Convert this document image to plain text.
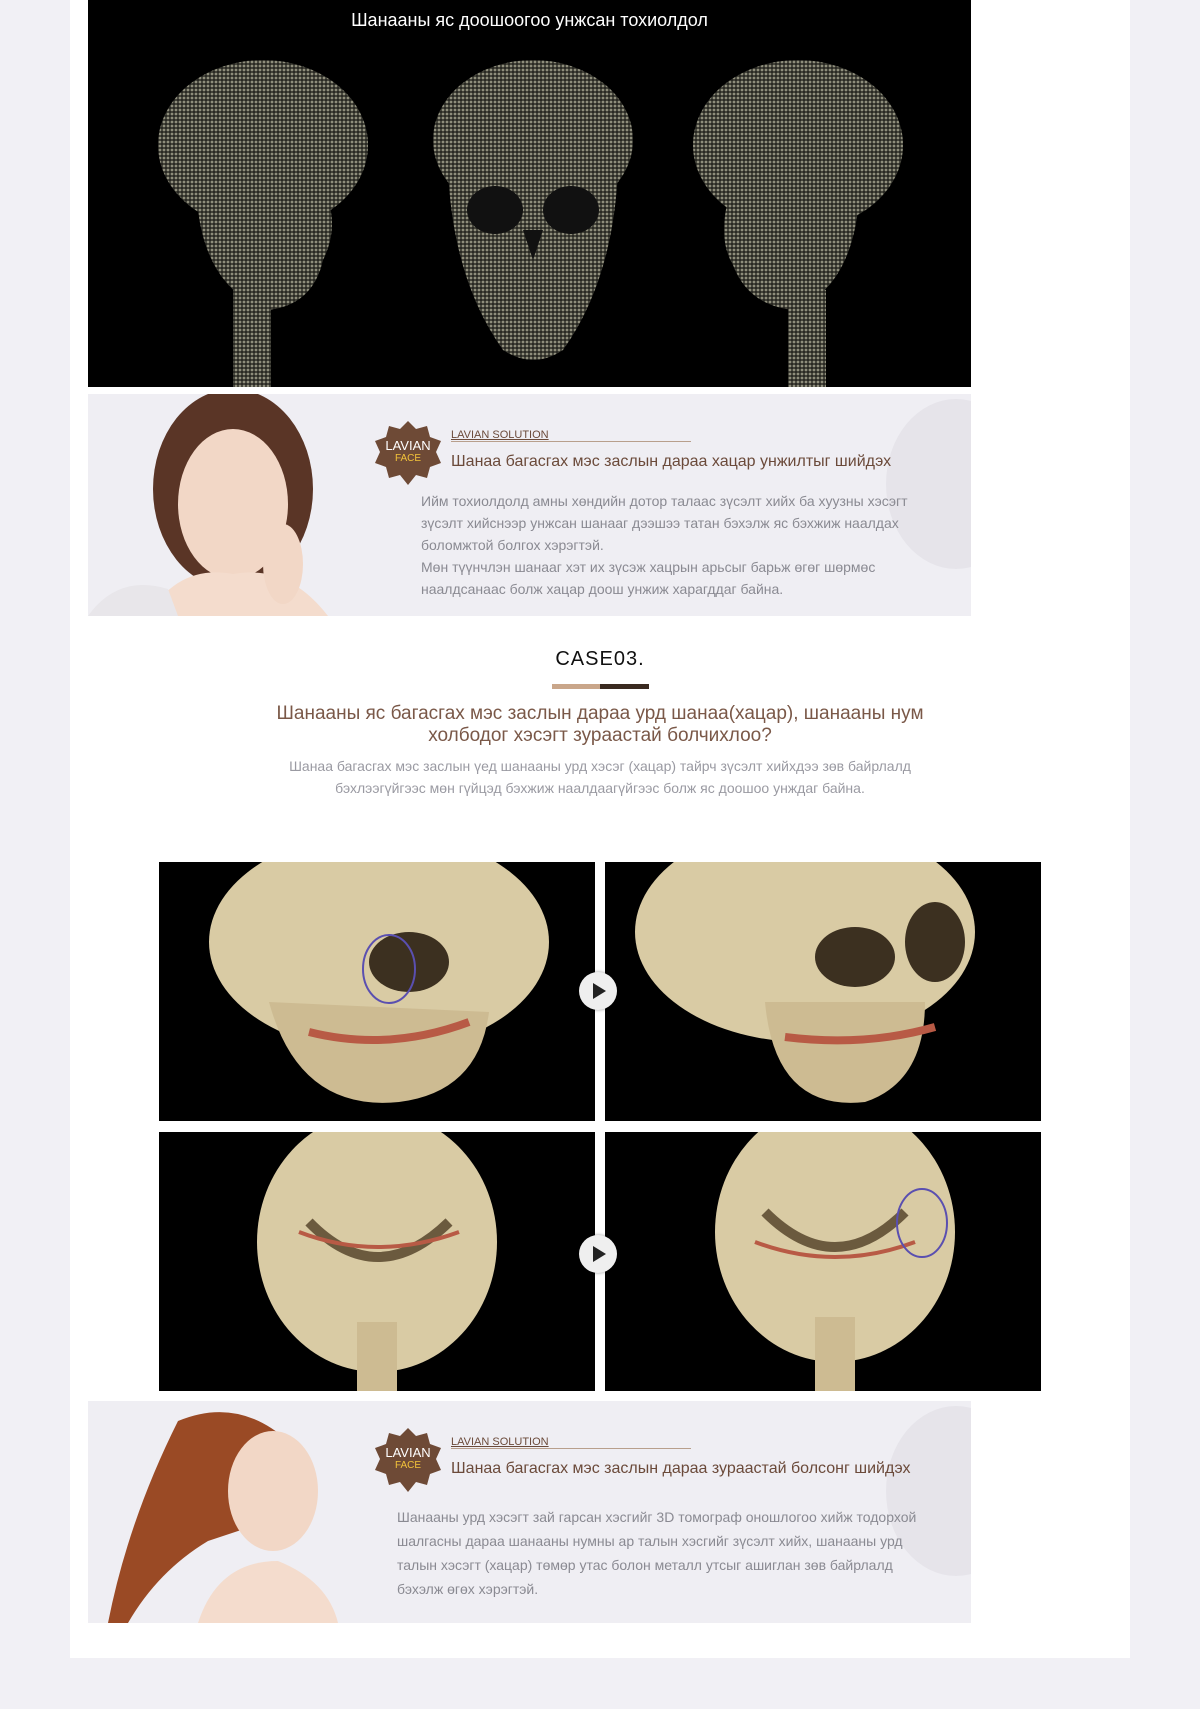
Шанааны яс доошоогоо унжсан тохиолдол
LAVIAN
FACE
LAVIAN SOLUTION
Шанаа багасгах мэс заслын дараа хацар унжилтыг шийдэх
Ийм тохиолдолд амны хөндийн дотор талаас зүсэлт хийх ба хуузны хэсэгт зүсэлт хийснээр унжсан шанааг дээшээ татан бэхэлж яс бэхжиж наалдах боломжтой болгох хэрэгтэй.
Мөн түүнчлэн шанааг хэт их зүсэж хацрын арьсыг барьж өгөг шөрмөс наалдсанаас болж хацар доош унжиж харагддаг байна.
CASE03.
Шанааны яс багасгах мэс заслын дараа урд шанаа(хацар), шанааны нум холбодог хэсэгт зураастай болчихлоо?
Шанаа багасгах мэс заслын үед шанааны урд хэсэг (хацар) тайрч зүсэлт хийхдээ зөв байрлалд бэхлээгүйгээс мөн гүйцэд бэхжиж наалдаагүйгээс болж яс доошоо унждаг байна.
LAVIAN
FACE
LAVIAN SOLUTION
Шанаа багасгах мэс заслын дараа зураастай болсонг шийдэх
Шанааны урд хэсэгт зай гарсан хэсгийг 3D томограф оношлогоо хийж тодорхой шалгасны дараа шанааны нумны ар талын хэсгийг зүсэлт хийх, шанааны урд талын хэсэгт (хацар) төмөр утас болон металл утсыг ашиглан зөв байрлалд бэхэлж өгөх хэрэгтэй.
